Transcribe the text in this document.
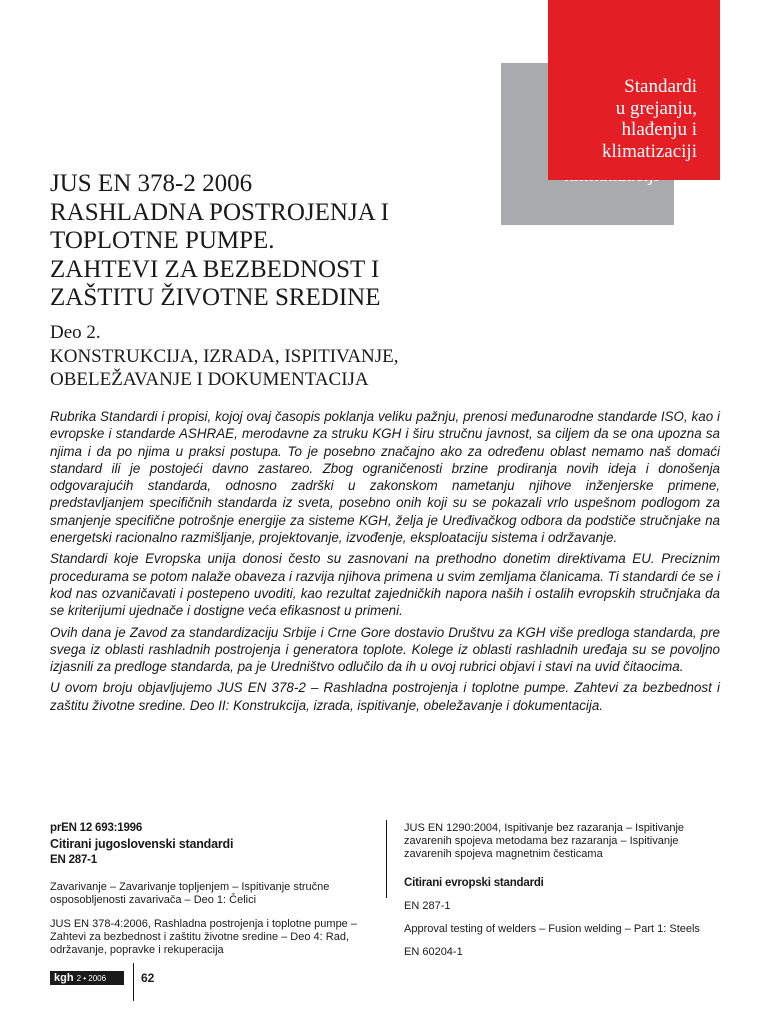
Standardi
u grejanju,
hlađenju i
klimatizaciji
JUS EN 378-2 2006
RASHLADNA POSTROJENJA I
TOPLOTNE PUMPE.
ZAHTEVI ZA BEZBEDNOST I
ZAŠTITU ŽIVOTNE SREDINE
Deo 2.
KONSTRUKCIJA, IZRADA, ISPITIVANJE,
OBELEŽAVANJE I DOKUMENTACIJA

Rubrika Standardi i propisi, kojoj ovaj časopis poklanja veliku pažnju, prenosi međunarodne standarde ISO, kao i evropske i standarde ASHRAE, merodavne za struku KGH i širu stručnu javnost, sa ciljem da se ona upozna sa njima i da po njima u praksi postupa. To je posebno značajno ako za određenu oblast nemamo naš domaći standard ili je postojeći davno zastareo. Zbog ograničenosti brzine prodiranja novih ideja i donošenja odgovarajućih standarda, odnosno zadrški u zakonskom nametanju njihove inženjerske primene, predstavljanjem specifičnih standarda iz sveta, posebno onih koji su se pokazali vrlo uspešnom podlogom za smanjenje specifične potrošnje energije za sisteme KGH, želja je Uređivačkog odbora da podstiče stručnjake na energetski racionalno razmišljanje, projektovanje, izvođenje, eksploataciju sistema i održavanje.

Standardi koje Evropska unija donosi često su zasnovani na prethodno donetim direktivama EU. Preciznim procedurama se potom nalaže obaveza i razvija njihova primena u svim zemljama članicama. Ti standardi će se i kod nas ozvaničavati i postepeno uvoditi, kao rezultat zajedničkih napora naših i ostalih evropskih stručnjaka da se kriterijumi ujednače i dostigne veća efikasnost u primeni.

Ovih dana je Zavod za standardizaciju Srbije i Crne Gore dostavio Društvu za KGH više predloga standarda, pre svega iz oblasti rashladnih postrojenja i generatora toplote. Kolege iz oblasti rashladnih uređaja su se povoljno izjasnili za predloge standarda, pa je Uredništvo odlučilo da ih u ovoj rubrici objavi i stavi na uvid čitaocima.

U ovom broju objavljujemo JUS EN 378-2 – Rashladna postrojenja i toplotne pumpe. Zahtevi za bezbednost i zaštitu životne sredine. Deo II: Konstrukcija, izrada, ispitivanje, obeležavanje i dokumentacija.

prEN 12 693:1996
Citirani jugoslovenski standardi
EN 287-1

Zavarivanje – Zavarivanje topljenjem – Ispitivanje stručne osposobljenosti zavarivača – Deo 1: Čelici

JUS EN 378-4:2006, Rashladna postrojenja i toplotne pumpe – Zahtevi za bezbednost i zaštitu životne sredine – Deo 4: Rad, održavanje, popravke i rekuperacija

JUS EN 1290:2004, Ispitivanje bez razaranja – Ispitivanje zavarenih spojeva metodama bez razaranja – Ispitivanje zavarenih spojeva magnetnim česticama

Citirani evropski standardi

EN 287-1

Approval testing of welders – Fusion welding – Part 1: Steels

EN 60204-1

kgh 2 • 2006	62
